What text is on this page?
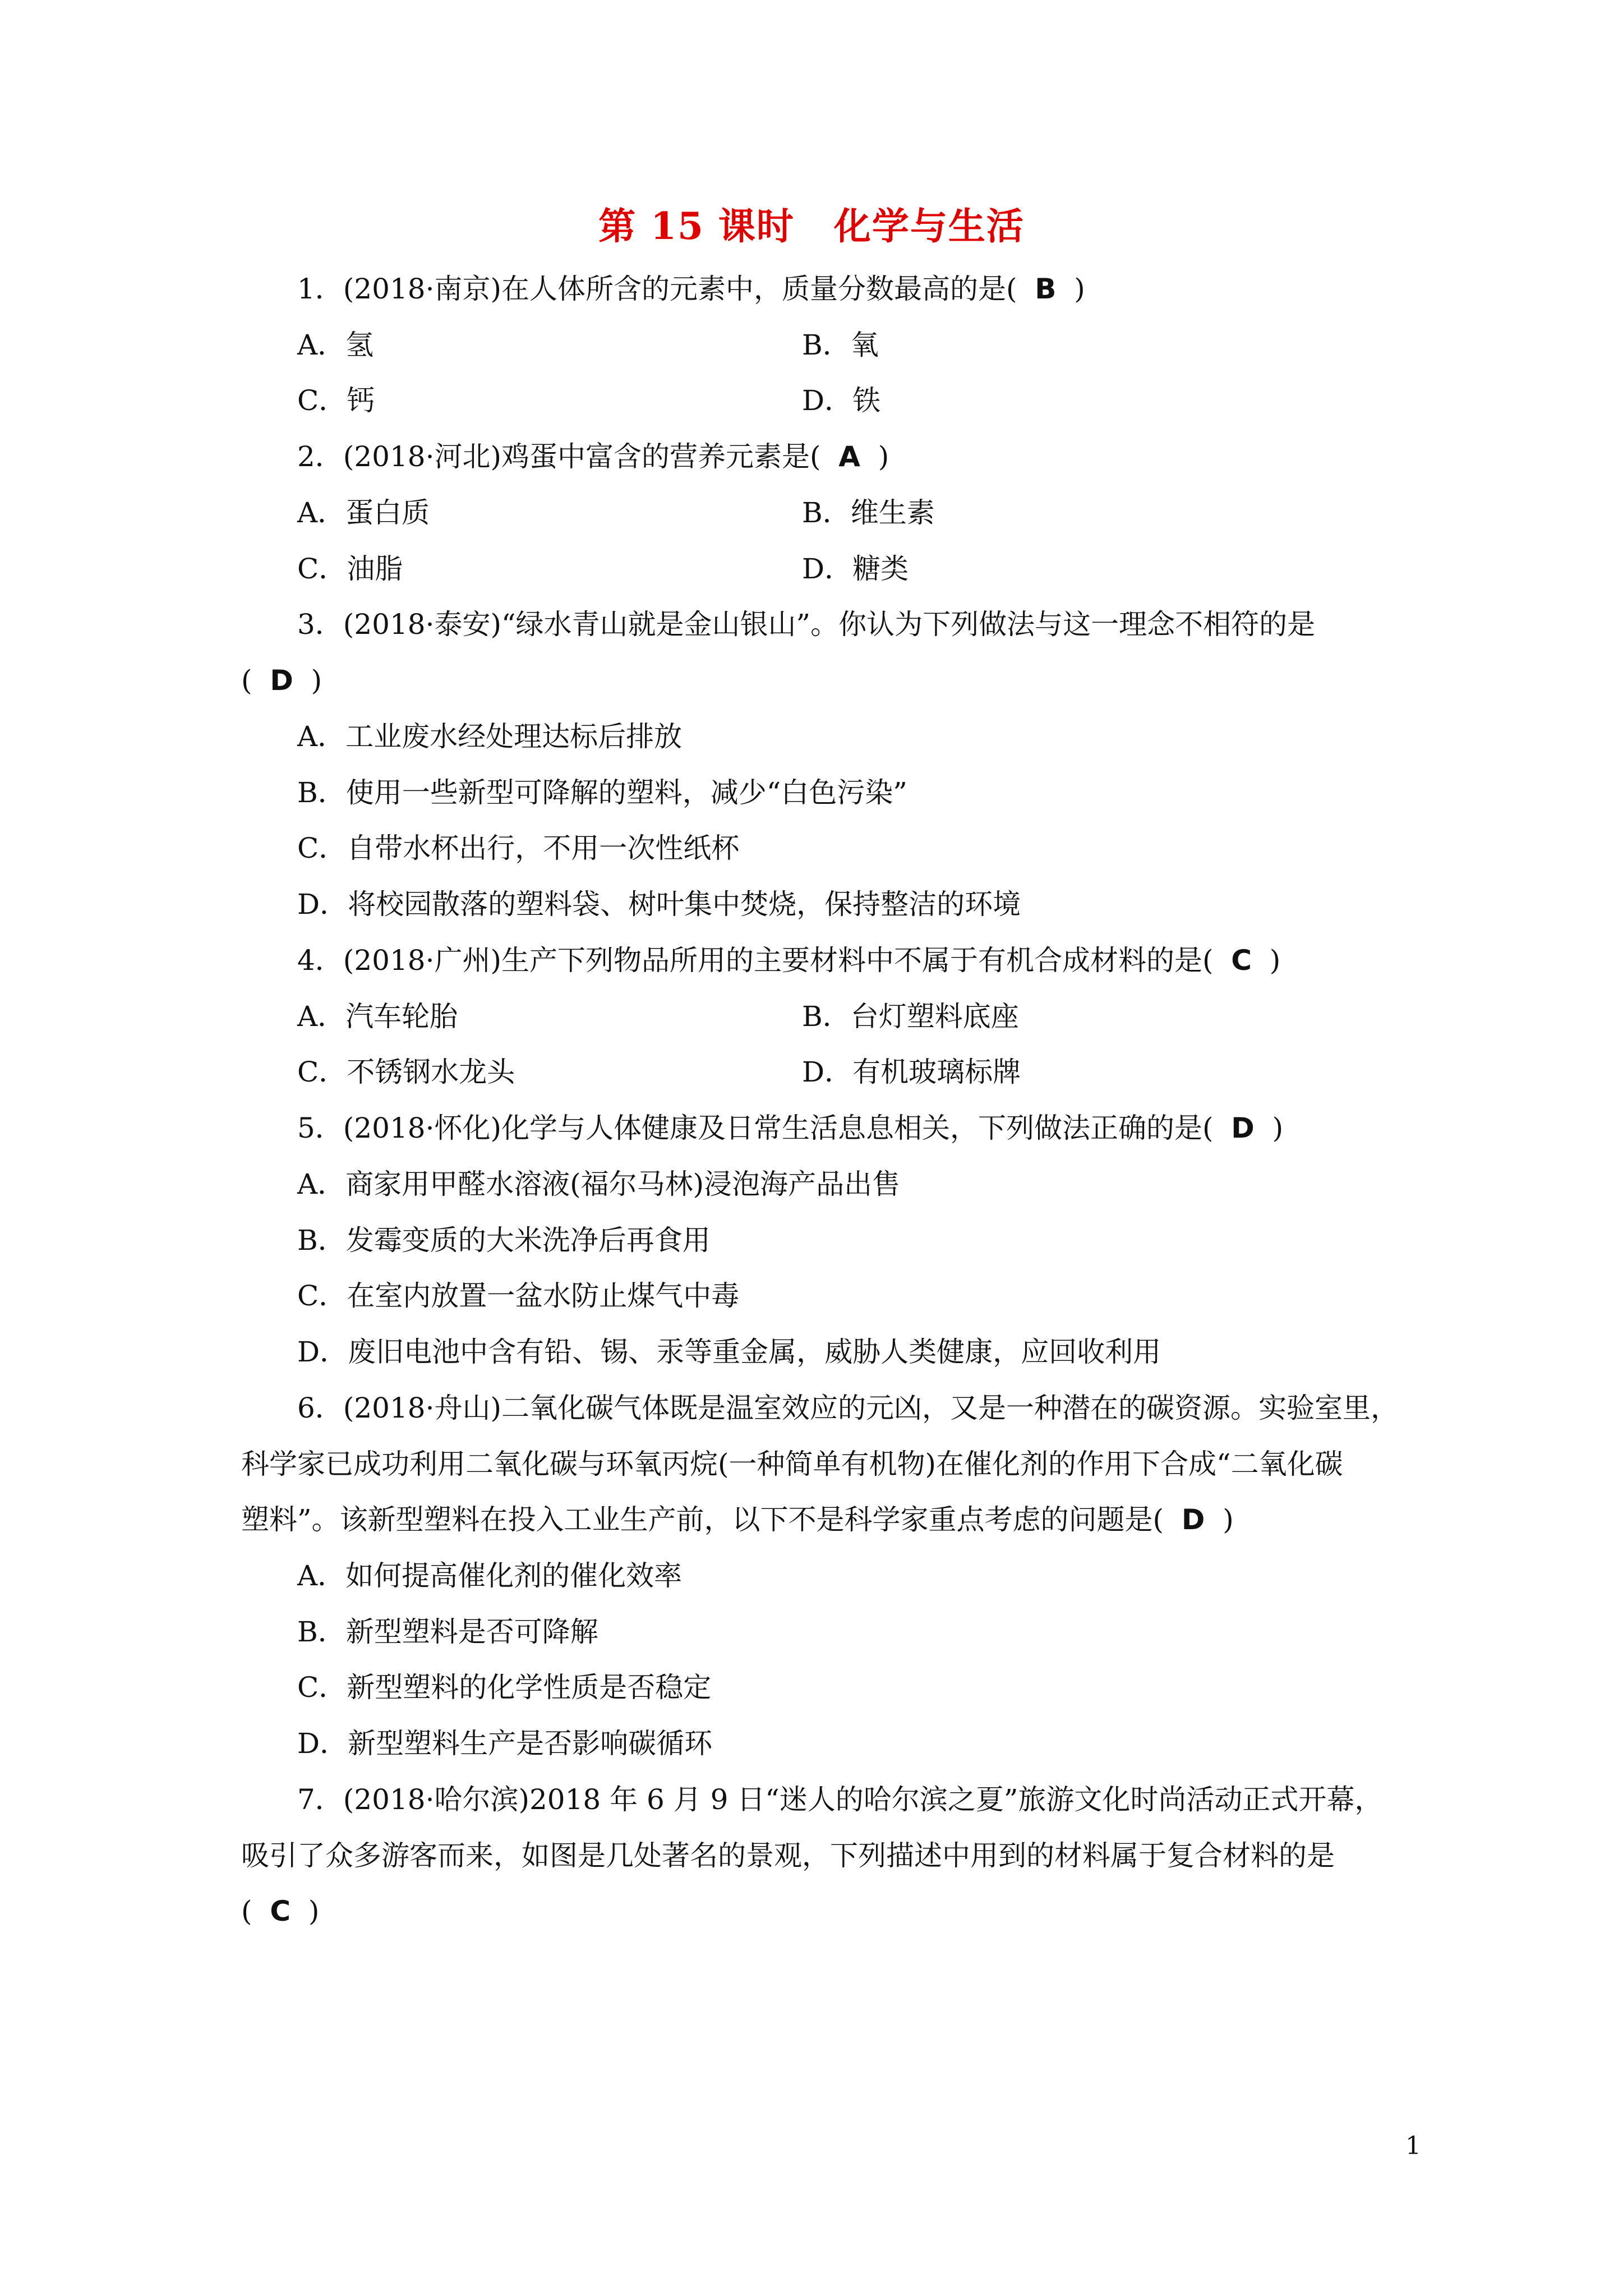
第 15 课时 化学与生活
1．(2018·南京)在人体所含的元素中，质量分数最高的是( B )
A．氢	B．氧
C．钙	D．铁
2．(2018·河北)鸡蛋中富含的营养元素是( A )
A．蛋白质	B．维生素
C．油脂	D．糖类
3．(2018·泰安)“绿水青山就是金山银山”。你认为下列做法与这一理念不相符的是
( D )
A．工业废水经处理达标后排放
B．使用一些新型可降解的塑料，减少“白色污染”
C．自带水杯出行，不用一次性纸杯
D．将校园散落的塑料袋、树叶集中焚烧，保持整洁的环境
4．(2018·广州)生产下列物品所用的主要材料中不属于有机合成材料的是( C )
A．汽车轮胎	B．台灯塑料底座
C．不锈钢水龙头	D．有机玻璃标牌
5．(2018·怀化)化学与人体健康及日常生活息息相关，下列做法正确的是( D )
A．商家用甲醛水溶液(福尔马林)浸泡海产品出售
B．发霉变质的大米洗净后再食用
C．在室内放置一盆水防止煤气中毒
D．废旧电池中含有铅、锡、汞等重金属，威胁人类健康，应回收利用
6．(2018·舟山)二氧化碳气体既是温室效应的元凶，又是一种潜在的碳资源。实验室里，
科学家已成功利用二氧化碳与环氧丙烷(一种简单有机物)在催化剂的作用下合成“二氧化碳
塑料”。该新型塑料在投入工业生产前，以下不是科学家重点考虑的问题是( D )
A．如何提高催化剂的催化效率
B．新型塑料是否可降解
C．新型塑料的化学性质是否稳定
D．新型塑料生产是否影响碳循环
7．(2018·哈尔滨)2018 年 6 月 9 日“迷人的哈尔滨之夏”旅游文化时尚活动正式开幕，
吸引了众多游客而来，如图是几处著名的景观，下列描述中用到的材料属于复合材料的是
( C )
1
